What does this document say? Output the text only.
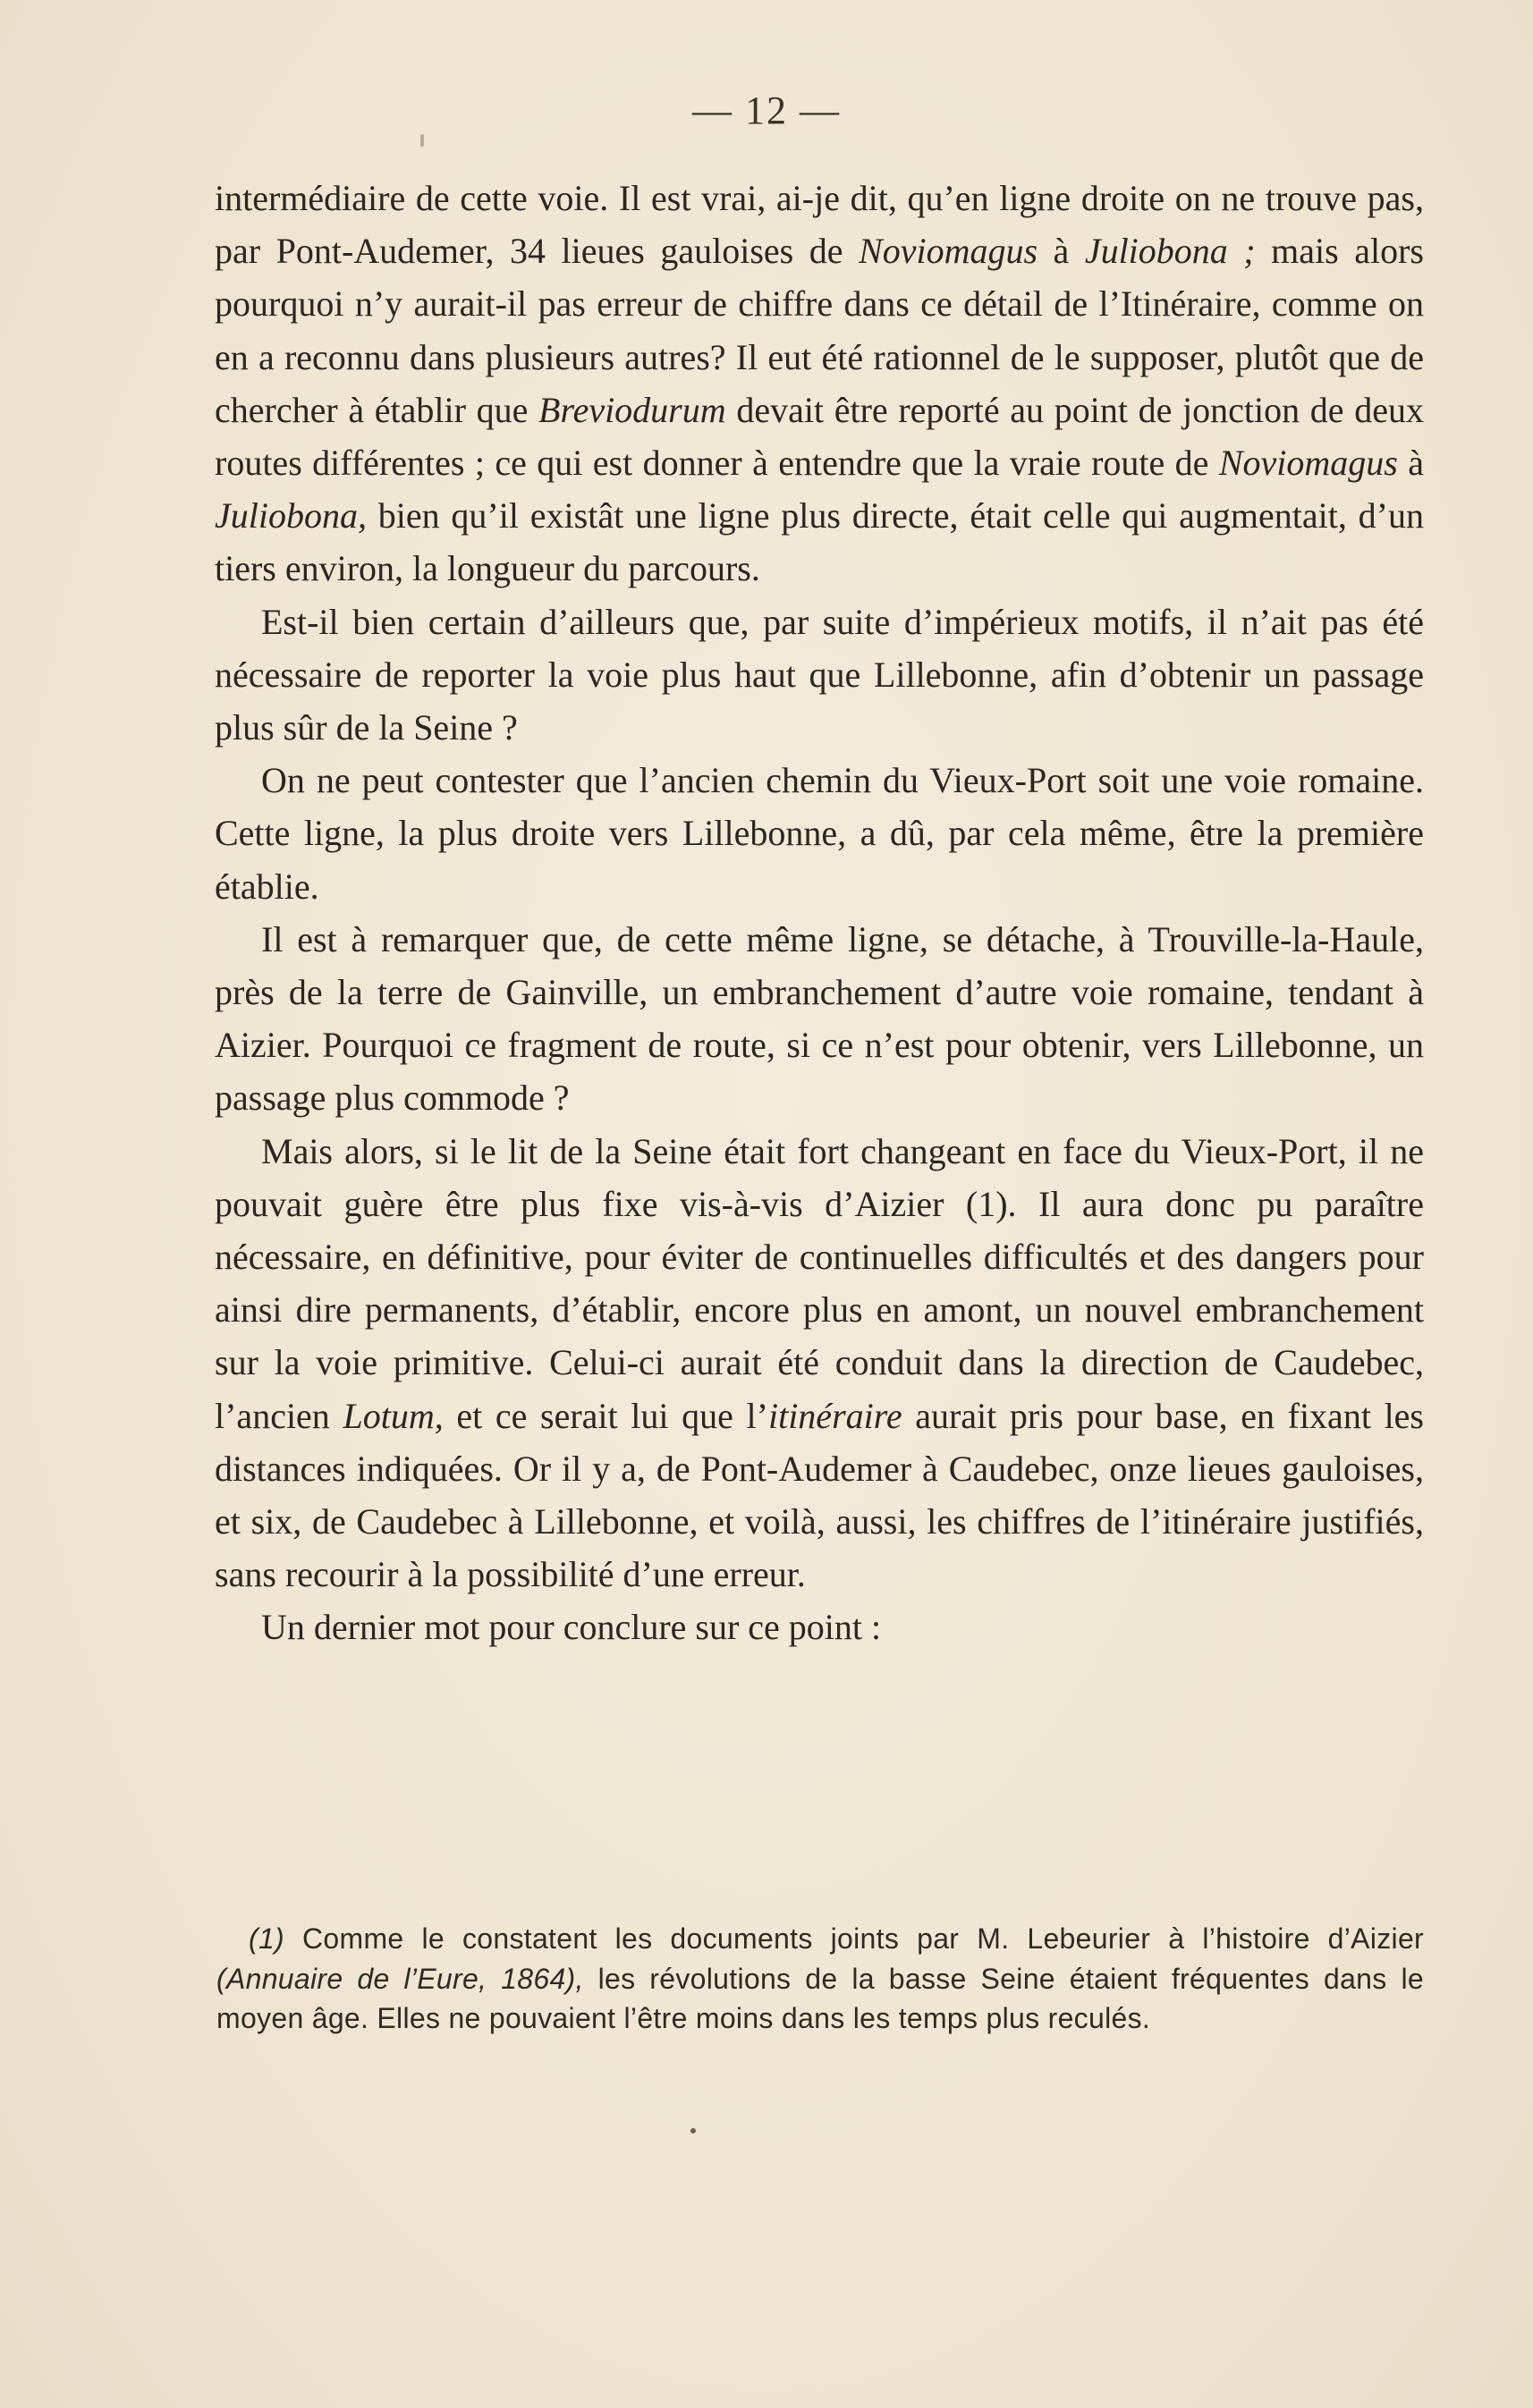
— 12 —

intermédiaire de cette voie. Il est vrai, ai-je dit, qu’en ligne droite on ne trouve pas, par Pont-Audemer, 34 lieues gauloises de Noviomagus à Juliobona ; mais alors pourquoi n’y aurait-il pas erreur de chiffre dans ce détail de l’Itinéraire, comme on en a reconnu dans plusieurs autres? Il eut été rationnel de le supposer, plutôt que de chercher à établir que Breviodurum devait être reporté au point de jonction de deux routes différentes ; ce qui est donner à entendre que la vraie route de Noviomagus à Juliobona, bien qu’il existât une ligne plus directe, était celle qui augmentait, d’un tiers environ, la longueur du parcours.

Est-il bien certain d’ailleurs que, par suite d’impérieux motifs, il n’ait pas été nécessaire de reporter la voie plus haut que Lillebonne, afin d’obtenir un passage plus sûr de la Seine ?

On ne peut contester que l’ancien chemin du Vieux-Port soit une voie romaine. Cette ligne, la plus droite vers Lillebonne, a dû, par cela même, être la première établie.

Il est à remarquer que, de cette même ligne, se détache, à Trouville-la-Haule, près de la terre de Gainville, un embranchement d’autre voie romaine, tendant à Aizier. Pourquoi ce fragment de route, si ce n’est pour obtenir, vers Lillebonne, un passage plus commode ?

Mais alors, si le lit de la Seine était fort changeant en face du Vieux-Port, il ne pouvait guère être plus fixe vis-à-vis d’Aizier (1). Il aura donc pu paraître nécessaire, en définitive, pour éviter de continuelles difficultés et des dangers pour ainsi dire permanents, d’établir, encore plus en amont, un nouvel embranchement sur la voie primitive. Celui-ci aurait été conduit dans la direction de Caudebec, l’ancien Lotum, et ce serait lui que l’itinéraire aurait pris pour base, en fixant les distances indiquées. Or il y a, de Pont-Audemer à Caudebec, onze lieues gauloises, et six, de Caudebec à Lillebonne, et voilà, aussi, les chiffres de l’itinéraire justifiés, sans recourir à la possibilité d’une erreur.

Un dernier mot pour conclure sur ce point :

(1) Comme le constatent les documents joints par M. Lebeurier à l’histoire d’Aizier (Annuaire de l’Eure, 1864), les révolutions de la basse Seine étaient fréquentes dans le moyen âge. Elles ne pouvaient l’être moins dans les temps plus reculés.
